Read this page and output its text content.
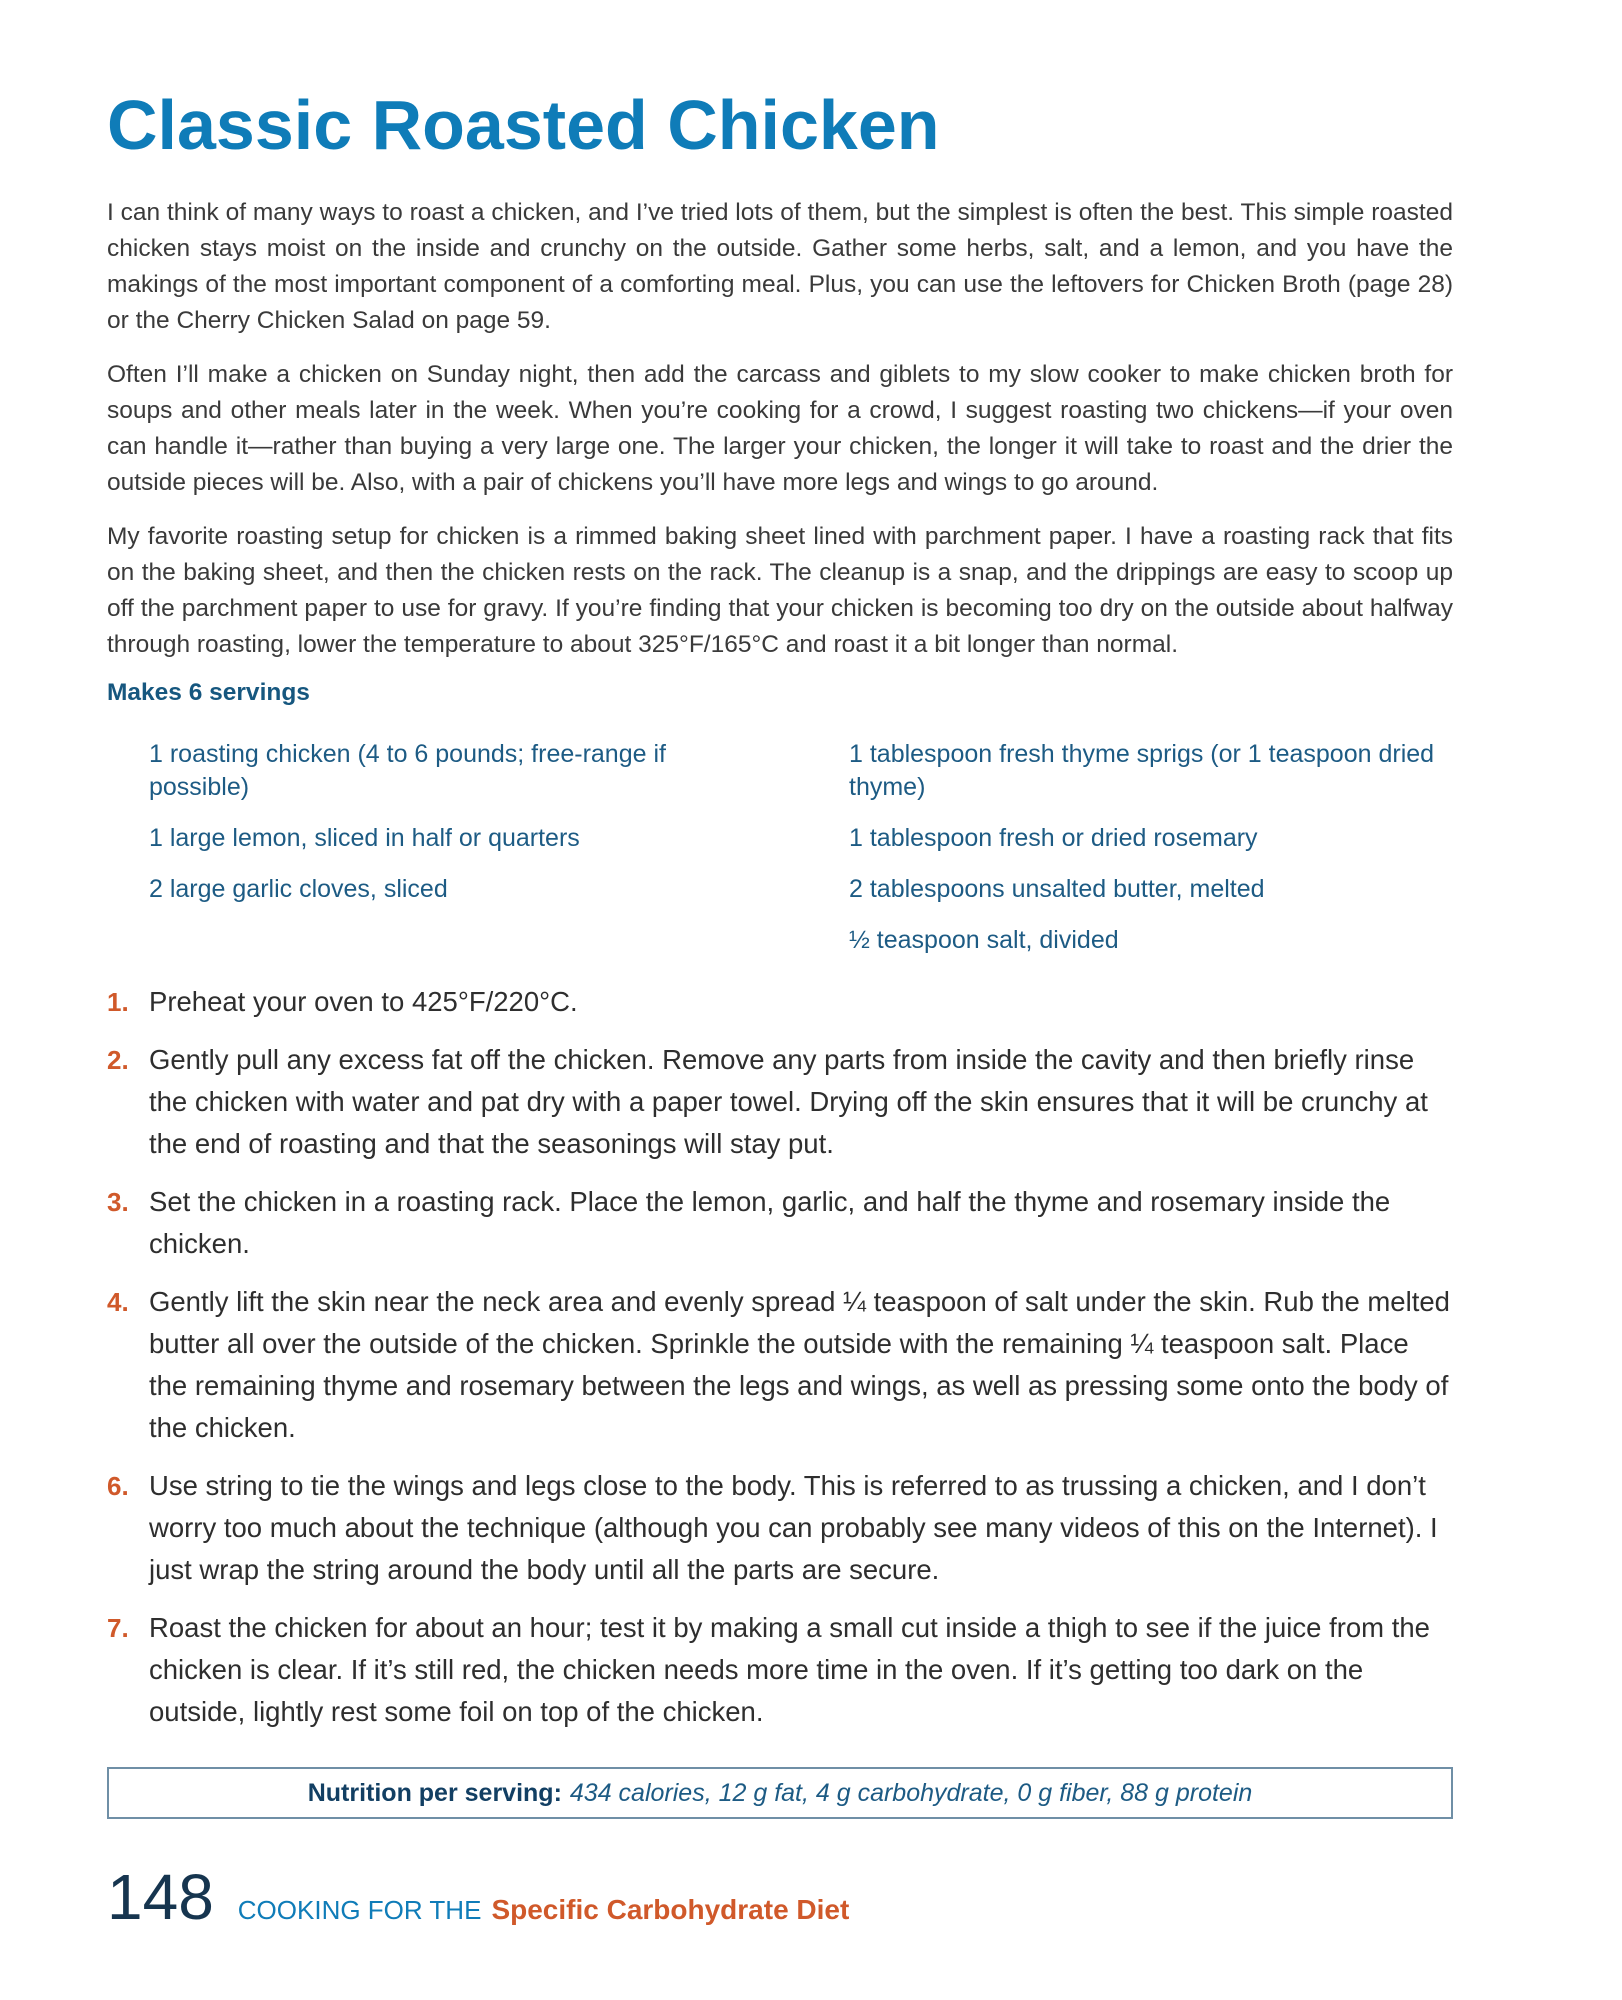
Classic Roasted Chicken

I can think of many ways to roast a chicken, and I’ve tried lots of them, but the simplest is often the best. This simple roasted chicken stays moist on the inside and crunchy on the outside. Gather some herbs, salt, and a lemon, and you have the makings of the most important component of a comforting meal. Plus, you can use the leftovers for Chicken Broth (page 28) or the Cherry Chicken Salad on page 59.

Often I’ll make a chicken on Sunday night, then add the carcass and giblets to my slow cooker to make chicken broth for soups and other meals later in the week. When you’re cooking for a crowd, I suggest roasting two chickens—if your oven can handle it—rather than buying a very large one. The larger your chicken, the longer it will take to roast and the drier the outside pieces will be. Also, with a pair of chickens you’ll have more legs and wings to go around.

My favorite roasting setup for chicken is a rimmed baking sheet lined with parchment paper. I have a roasting rack that fits on the baking sheet, and then the chicken rests on the rack. The cleanup is a snap, and the drippings are easy to scoop up off the parchment paper to use for gravy. If you’re finding that your chicken is becoming too dry on the outside about halfway through roasting, lower the temperature to about 325°F/165°C and roast it a bit longer than normal.

Makes 6 servings
1 roasting chicken (4 to 6 pounds; free-range if possible)
1 large lemon, sliced in half or quarters
2 large garlic cloves, sliced
1 tablespoon fresh thyme sprigs (or 1 teaspoon dried thyme)
1 tablespoon fresh or dried rosemary
2 tablespoons unsalted butter, melted
½ teaspoon salt, divided
1. Preheat your oven to 425°F/220°C.
2. Gently pull any excess fat off the chicken. Remove any parts from inside the cavity and then briefly rinse the chicken with water and pat dry with a paper towel. Drying off the skin ensures that it will be crunchy at the end of roasting and that the seasonings will stay put.
3. Set the chicken in a roasting rack. Place the lemon, garlic, and half the thyme and rosemary inside the chicken.
4. Gently lift the skin near the neck area and evenly spread ¼ teaspoon of salt under the skin. Rub the melted butter all over the outside of the chicken. Sprinkle the outside with the remaining ¼ teaspoon salt. Place the remaining thyme and rosemary between the legs and wings, as well as pressing some onto the body of the chicken.
6. Use string to tie the wings and legs close to the body. This is referred to as trussing a chicken, and I don’t worry too much about the technique (although you can probably see many videos of this on the Internet). I just wrap the string around the body until all the parts are secure.
7. Roast the chicken for about an hour; test it by making a small cut inside a thigh to see if the juice from the chicken is clear. If it’s still red, the chicken needs more time in the oven. If it’s getting too dark on the outside, lightly rest some foil on top of the chicken.
Nutrition per serving: 434 calories, 12 g fat, 4 g carbohydrate, 0 g fiber, 88 g protein
148 COOKING FOR THE Specific Carbohydrate Diet
